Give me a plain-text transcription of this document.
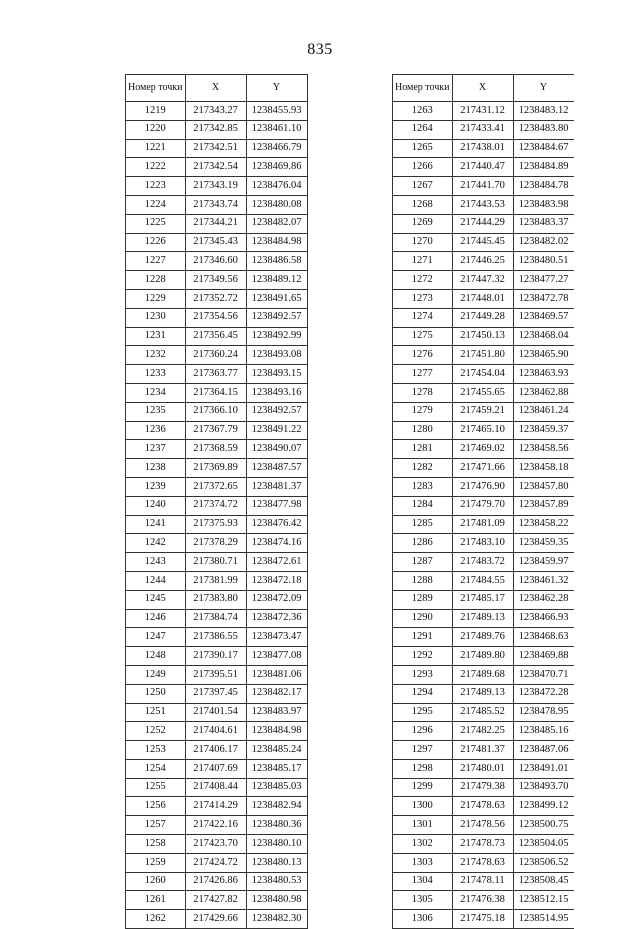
835
Номер точки	X	Y
1219	217343.27	1238455.93
1220	217342.85	1238461.10
1221	217342.51	1238466.79
1222	217342.54	1238469.86
1223	217343.19	1238476.04
1224	217343.74	1238480.08
1225	217344.21	1238482.07
1226	217345.43	1238484.98
1227	217346.60	1238486.58
1228	217349.56	1238489.12
1229	217352.72	1238491.65
1230	217354.56	1238492.57
1231	217356.45	1238492.99
1232	217360.24	1238493.08
1233	217363.77	1238493.15
1234	217364.15	1238493.16
1235	217366.10	1238492.57
1236	217367.79	1238491.22
1237	217368.59	1238490.07
1238	217369.89	1238487.57
1239	217372.65	1238481.37
1240	217374.72	1238477.98
1241	217375.93	1238476.42
1242	217378.29	1238474.16
1243	217380.71	1238472.61
1244	217381.99	1238472.18
1245	217383.80	1238472.09
1246	217384.74	1238472.36
1247	217386.55	1238473.47
1248	217390.17	1238477.08
1249	217395.51	1238481.06
1250	217397.45	1238482.17
1251	217401.54	1238483.97
1252	217404.61	1238484.98
1253	217406.17	1238485.24
1254	217407.69	1238485.17
1255	217408.44	1238485.03
1256	217414.29	1238482.94
1257	217422.16	1238480.36
1258	217423.70	1238480.10
1259	217424.72	1238480.13
1260	217426.86	1238480.53
1261	217427.82	1238480.98
1262	217429.66	1238482.30
Номер точки	X	Y
1263	217431.12	1238483.12
1264	217433.41	1238483.80
1265	217438.01	1238484.67
1266	217440.47	1238484.89
1267	217441.70	1238484.78
1268	217443.53	1238483.98
1269	217444.29	1238483.37
1270	217445.45	1238482.02
1271	217446.25	1238480.51
1272	217447.32	1238477.27
1273	217448.01	1238472.78
1274	217449.28	1238469.57
1275	217450.13	1238468.04
1276	217451.80	1238465.90
1277	217454.04	1238463.93
1278	217455.65	1238462.88
1279	217459.21	1238461.24
1280	217465.10	1238459.37
1281	217469.02	1238458.56
1282	217471.66	1238458.18
1283	217476.90	1238457.80
1284	217479.70	1238457.89
1285	217481.09	1238458.22
1286	217483.10	1238459.35
1287	217483.72	1238459.97
1288	217484.55	1238461.32
1289	217485.17	1238462.28
1290	217489.13	1238466.93
1291	217489.76	1238468.63
1292	217489.80	1238469.88
1293	217489.68	1238470.71
1294	217489.13	1238472.28
1295	217485.52	1238478.95
1296	217482.25	1238485.16
1297	217481.37	1238487.06
1298	217480.01	1238491.01
1299	217479.38	1238493.70
1300	217478.63	1238499.12
1301	217478.56	1238500.75
1302	217478.73	1238504.05
1303	217478.63	1238506.52
1304	217478.11	1238508.45
1305	217476.38	1238512.15
1306	217475.18	1238514.95
